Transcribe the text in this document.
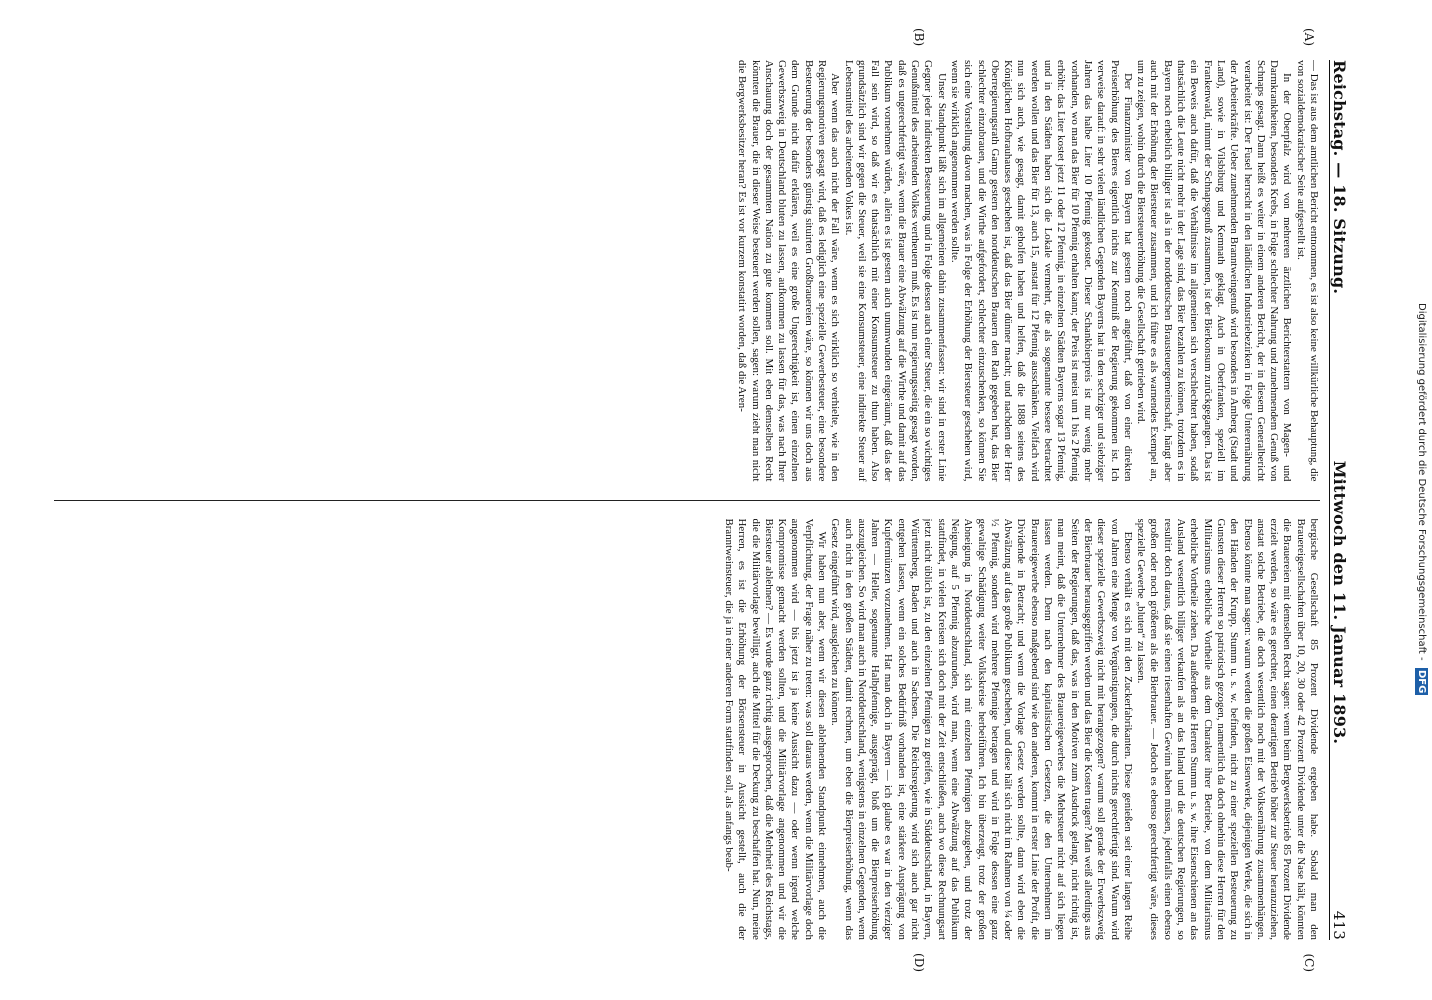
Reichstag. — 18. Sitzung.
Mittwoch den 11. Januar 1893.
413

— Das ist aus dem amtlichen Bericht entnommen, es ist also keine willkürliche Behauptung, die von sozialdemokratischer Seite aufgestellt ist.

In der Oberpfalz wird von mehreren ärztlichen Berichterstattern von Magen- und Darmkrankheiten, besonders Krebs, in Folge schlechter Nahrung und zunehmendem Genuß von Schnaps gesagt. Dann heißt es weiter in einem anderen Bericht, der in diesem Generalbericht verarbeitet ist: Der Fusel herrscht in den ländlichen Industriebezirken in Folge Unterernährung der Arbeiterkräfte. Ueber zunehmenden Branntweingenuß wird besonders in Amberg (Stadt und Land), sowie in Vilsbiburg und Kemnath geklagt. Auch in Oberfranken, speziell im Frankenwald, nimmt der Schnapsgenuß zusammen, ist der Bierkonsum zurückgegangen. Das ist ein Beweis auch dafür, daß die Verhältnisse im allgemeinen sich verschlechtert haben, sodaß thatsächlich die Leute nicht mehr in der Lage sind, das Bier bezahlen zu können, trotzdem es in Bayern noch erheblich billiger ist als in der norddeutschen Brausteuergemeinschaft, hängt aber auch mit der Erhöhung der Biersteuer zusammen, und ich führe es als warnendes Exempel an, um zu zeigen, wohin durch die Biersteuererhöhung die Gesellschaft getrieben wird.

Der Finanzminister von Bayern hat gestern noch angeführt, daß von einer direkten Preiserhöhung des Bieres eigentlich nichts zur Kenntniß der Regierung gekommen ist. Ich verweise darauf: in sehr vielen ländlichen Gegenden Bayerns hat in den sechziger und siebziger Jahren das halbe Liter 10 Pfennig gekostet. Dieser Schankbierpreis ist nur wenig mehr vorhanden, wo man das Bier für 10 Pfennig erhalten kann; der Preis ist meist um 1 bis 2 Pfennig erhöht: das Liter kostet jetzt 11 oder 12 Pfennig, in einzelnen Städten Bayerns sogar 13 Pfennig, und in den Städten haben sich die Lokale vermehrt, die als sogenannte bessere betrachtet werden wollen und das Bier für 13, auch 15, anstatt für 12 Pfennig ausschänken. Vielfach wird nun sich auch, wie gesagt, damit geholfen haben und helfen, daß die 1888 seitens des Königlichen Hofbrauhauses geschehen ist, daß das Bier dünner macht; und nachdem der Herr Oberregierungsrath Gamp gestern den norddeutschen Brauern den Rath gegeben hat, das Bier schlechter einzubrauen, und die Wirthe aufgefordert, schlechter einzuschenken, so können Sie sich eine Vorstellung davon machen, was in Folge der Erhöhung der Biersteuer geschehen wird, wenn sie wirklich angenommen werden sollte.

Unser Standpunkt läßt sich im allgemeinen dahin zusammenfassen: wir sind in erster Linie Gegner jeder indirekten Besteuerung und in Folge dessen auch einer Steuer, die ein so wichtiges Genußmittel des arbeitenden Volkes vertheuern muß. Es ist nun regierungsseitig gesagt worden, daß es ungerechtfertigt wäre, wenn die Brauer eine Abwälzung auf die Wirthe und damit auf das Publikum vornehmen würden, allein es ist gestern auch unumwunden eingeräumt, daß das der Fall sein wird, so daß wir es thatsächlich mit einer Konsumsteuer zu thun haben. Also grundsätzlich sind wir gegen die Steuer, weil sie eine Konsumsteuer, eine indirekte Steuer auf Lebensmittel des arbeitenden Volkes ist.

Aber wenn das auch nicht der Fall wäre, wenn es sich wirklich so verhielte, wie in den Regierungsmotiven gesagt wird, daß es lediglich eine spezielle Gewerbesteuer, eine besondere Besteuerung der besonders günstig situirten Großbrauereien wäre, so können wir uns doch aus dem Grunde nicht dafür erklären, weil es eine große Ungerechtigkeit ist, einen einzelnen Gewerbszweig in Deutschland bluten zu lassen, aufkommen zu lassen für das, was nach Ihrer Anschauung doch der gesammten Nation zu gute kommen soll. Mit eben demselben Recht könnten die Brauer, die in dieser Weise besteuert werden sollen, sagen: warum zieht man nicht die Bergwerksbesitzer heran? Es ist vor kurzem konstatirt worden, daß die Aren-

bergische Gesellschaft 85 Prozent Dividende ergeben habe. Sobald man den Brauereigesellschaften über 10, 20, 30 oder 42 Prozent Dividende unter die Nase hält, könnten die Brauereien mit demselben Recht sagen: wenn beim Bergwerksbetrieb 85 Prozent Dividende erzielt werden, so wäre es gerechter, einen derartigen Betrieb höher zur Steuer heranzuziehen, anstatt solche Betriebe, die doch wesentlich noch mit der Volksernährung zusammenhängen. Ebenso könnte man sagen: warum werden die großen Eisenwerke, diejenigen Werke, die sich in den Händen der Krupp, Stumm u. s. w. befinden, nicht zu einer speziellen Besteuerung zu Gunsten dieser Herren so patriotisch gezogen, namentlich da doch ohnehin diese Herren für den Militarismus erhebliche Vortheile aus dem Charakter ihrer Betriebe, von dem Militarismus erhebliche Vortheile ziehen. Da außerdem die Herren Stumm u. s. w. ihre Eisenschienen an das Ausland wesentlich billiger verkaufen als an das Inland und die deutschen Regierungen, so resultirt doch daraus, daß sie einen riesenhaften Gewinn haben müssen, jedenfalls einen ebenso großen oder noch größeren als die Bierbrauer. — Jedoch es ebenso gerechtfertigt wäre, dieses spezielle Gewerbe „bluten“ zu lassen.

Ebenso verhält es sich mit den Zuckerfabrikanten. Diese genießen seit einer langen Reihe von Jahren eine Menge von Vergünstigungen, die durch nichts gerechtfertigt sind. Warum wird dieser spezielle Gewerbszweig nicht mit herangezogen? warum soll gerade der Erwerbszweig der Bierbrauer herausgegriffen werden und das Bier die Kosten tragen? Man weiß allerdings aus Seiten der Regierungen, daß das, was in den Motiven zum Ausdruck gelangt, nicht richtig ist, man meint, daß die Unternehmer des Brauereigewerbes die Mehrsteuer nicht auf sich liegen lassen werden. Denn nach den kapitalistischen Gesetzen, die den Unternehmern im Brauereigewerbe ebenso maßgebend sind wie den anderen, kommt in erster Linie der Profit, die Dividende in Betracht; und wenn die Vorlage Gesetz werden sollte, dann wird eben die Abwälzung auf das große Publikum geschehen, und diese hält sich nicht im Rahmen von ¼ oder ½ Pfennig, sondern wird mehrere Pfennige betragen und wird in Folge dessen eine ganz gewaltige Schädigung weiter Volkskreise herbeiführen. Ich bin überzeugt, trotz der großen Abneigung in Norddeutschland, sich mit einzelnen Pfennigen abzugeben, und trotz der Neigung, auf 5 Pfennig abzurunden, wird man, wenn eine Abwälzung auf das Publikum stattfindet, in vielen Kreisen sich doch mit der Zeit entschließen, auch wo diese Rechnungsart jetzt nicht üblich ist, zu den einzelnen Pfennigen zu greifen, wie in Süddeutschland, in Bayern, Württemberg, Baden und auch in Sachsen. Die Reichsregierung wird sich auch gar nicht entgehen lassen, wenn ein solches Bedürfniß vorhanden ist, eine stärkere Ausprägung von Kupfermünzen vorzunehmen. Hat man doch in Bayern — ich glaube es war in den vierziger Jahren — Heller, sogenannte Halbpfennige, ausgeprägt, bloß um die Bierpreiserhöhung auszugleichen. So wird man auch in Norddeutschland, wenigstens in einzelnen Gegenden, wenn auch nicht in den großen Städten, damit rechnen, um eben die Bierpreiserhöhung, wenn das Gesetz eingeführt wird, ausgleichen zu können.

Wir haben nun aber, wenn wir diesen ablehnenden Standpunkt einnehmen, auch die Verpflichtung, der Frage näher zu treten: was soll daraus werden, wenn die Militärvorlage doch angenommen wird — bis jetzt ist ja keine Aussicht dazu — oder wenn irgend welche Kompromisse gemacht werden sollten, und die Militärvorlage angenommen und wir die Biersteuer ablehnen? — Es wurde ganz richtig ausgesprochen, daß die Mehrheit des Reichstags, die die Militärvorlage bewilligt, auch die Mittel für die Deckung zu beschaffen hat. Nun, meine Herren, es ist die Erhöhung der Börsensteuer in Aussicht gestellt, auch die der Branntweinsteuer, die ja in einer anderen Form stattfinden soll, als anfangs beab-

(A)
(B)
(C)
(D)
Digitalisierung gefördert durch die Deutsche Forschungsgemeinschaft - DFG
